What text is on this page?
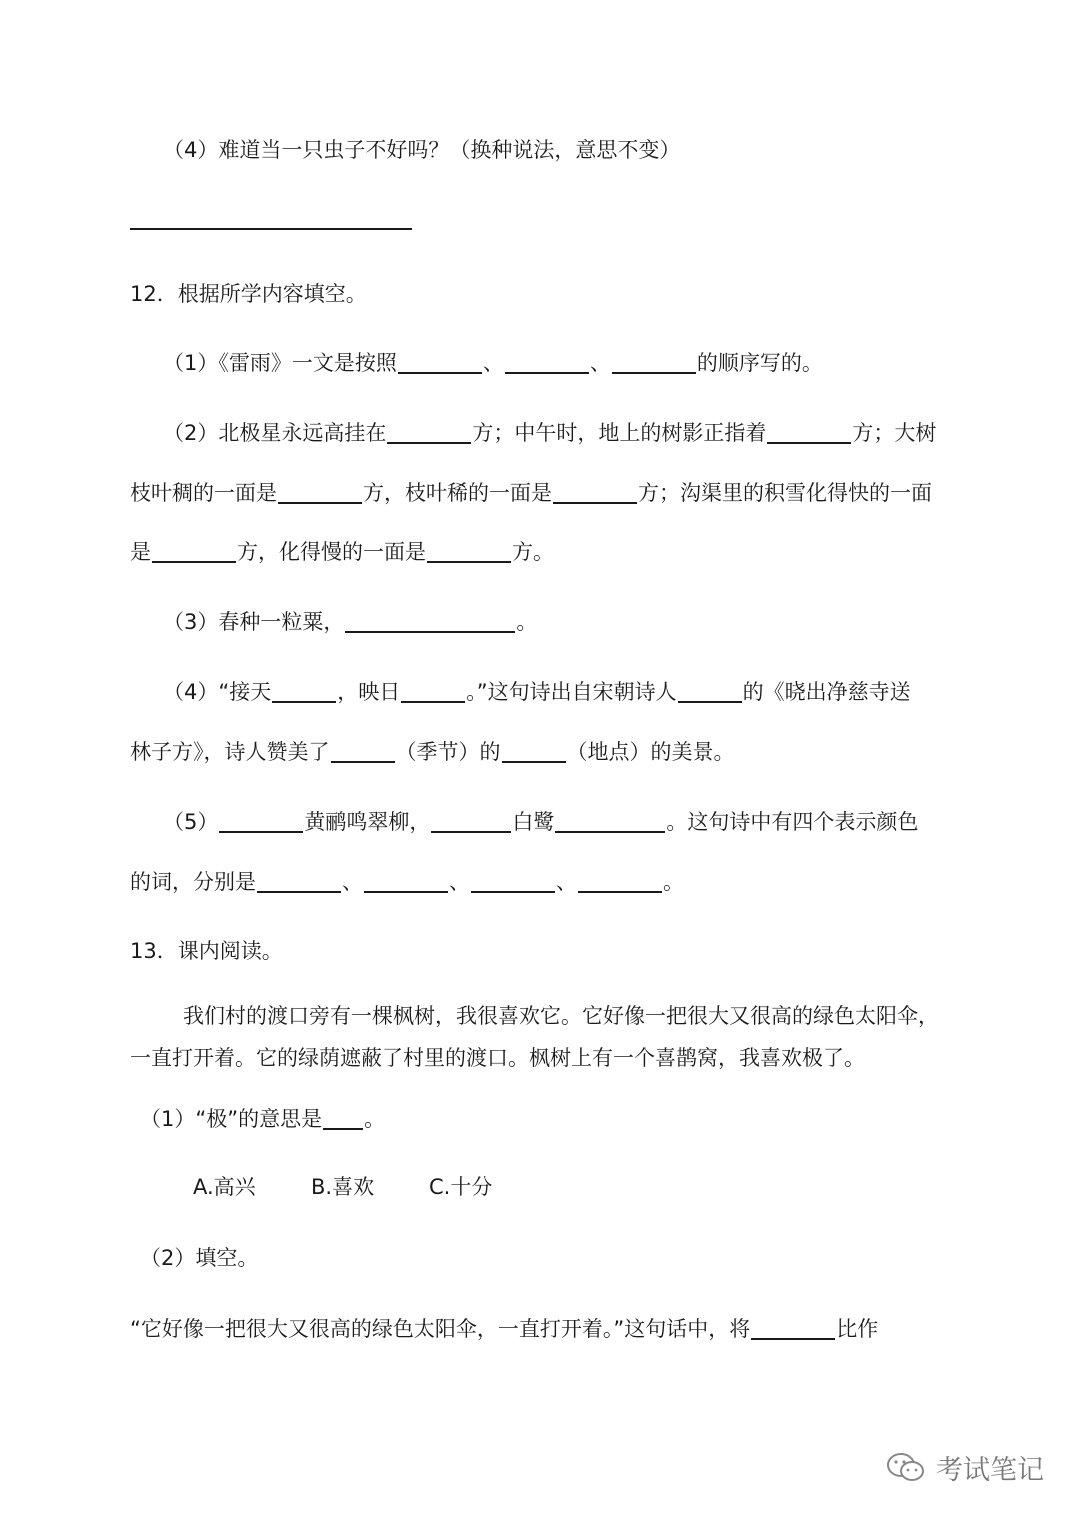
（4）难道当一只虫子不好吗？（换种说法，意思不变）
12．根据所学内容填空。
（1）《雷雨》一文是按照	、	、	的顺序写的。
（2）北极星永远高挂在	方；中午时，地上的树影正指着	方；大树
枝叶稠的一面是	方，枝叶稀的一面是	方；沟渠里的积雪化得快的一面
是	方，化得慢的一面是	方。
（3）春种一粒粟，	。
（4）“接天	，映日	。”这句诗出自宋朝诗人	的《晓出净慈寺送
林子方》，诗人赞美了	（季节）的	（地点）的美景。
（5）	黄鹂鸣翠柳，	白鹭	。这句诗中有四个表示颜色
的词，分别是	、	、	、	。
13．课内阅读。
我们村的渡口旁有一棵枫树，我很喜欢它。它好像一把很大又很高的绿色太阳伞，
一直打开着。它的绿荫遮蔽了村里的渡口。枫树上有一个喜鹊窝，我喜欢极了。
（1）“极”的意思是 。
A.高兴	B.喜欢	C.十分
（2）填空。
“它好像一把很大又很高的绿色太阳伞，一直打开着。”这句话中，将	比作
考试笔记
